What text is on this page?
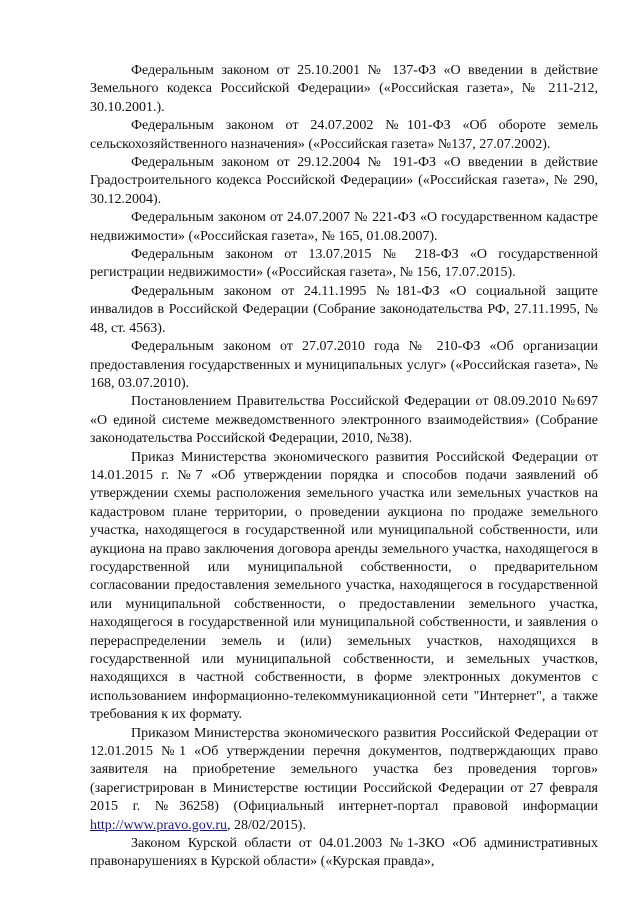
Федеральным законом от 25.10.2001 № 137-ФЗ «О введении в действие Земельного кодекса Российской Федерации» («Российская газета», № 211-212, 30.10.2001.).

Федеральным законом от 24.07.2002 №101-ФЗ «Об обороте земель сельскохозяйственного назначения» («Российская газета» №137, 27.07.2002).

Федеральным законом от 29.12.2004 № 191-ФЗ «О введении в действие Градостроительного кодекса Российской Федерации» («Российская газета», № 290, 30.12.2004).

Федеральным законом от 24.07.2007 № 221-ФЗ «О государственном кадастре недвижимости» («Российская газета», № 165, 01.08.2007).

Федеральным законом от 13.07.2015 № 218-ФЗ «О государственной регистрации недвижимости» («Российская газета», № 156, 17.07.2015).

Федеральным законом от 24.11.1995 №181-ФЗ «О социальной защите инвалидов в Российской Федерации (Собрание законодательства РФ, 27.11.1995, № 48, ст. 4563).

Федеральным законом от 27.07.2010 года № 210-ФЗ «Об организации предоставления государственных и муниципальных услуг» («Российская газета», № 168, 03.07.2010).

Постановлением Правительства Российской Федерации от 08.09.2010 №697 «О единой системе межведомственного электронного взаимодействия» (Собрание законодательства Российской Федерации, 2010, №38).

Приказ Министерства экономического развития Российской Федерации от 14.01.2015 г. №7 «Об утверждении порядка и способов подачи заявлений об утверждении схемы расположения земельного участка или земельных участков на кадастровом плане территории, о проведении аукциона по продаже земельного участка, находящегося в государственной или муниципальной собственности, или аукциона на право заключения договора аренды земельного участка, находящегося в государственной или муниципальной собственности, о предварительном согласовании предоставления земельного участка, находящегося в государственной или муниципальной собственности, о предоставлении земельного участка, находящегося в государственной или муниципальной собственности, и заявления о перераспределении земель и (или) земельных участков, находящихся в государственной или муниципальной собственности, и земельных участков, находящихся в частной собственности, в форме электронных документов с использованием информационно-телекоммуникационной сети "Интернет", а также требования к их формату.

Приказом Министерства экономического развития Российской Федерации от 12.01.2015 №1 «Об утверждении перечня документов, подтверждающих право заявителя на приобретение земельного участка без проведения торгов» (зарегистрирован в Министерстве юстиции Российской Федерации от 27 февраля 2015 г. №36258) (Официальный интернет-портал правовой информации http://www.pravo.gov.ru, 28/02/2015).

Законом Курской области от 04.01.2003 №1-ЗКО «Об административных правонарушениях в Курской области» («Курская правда»,
